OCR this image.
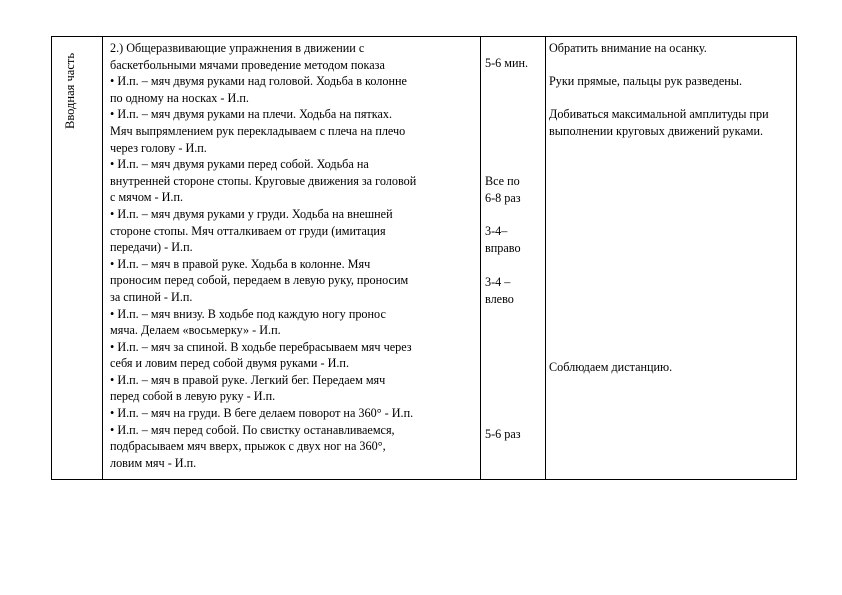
Вводная часть
2.) Общеразвивающие упражнения в движении с
баскетбольными мячами проведение методом показа
• И.п. – мяч двумя руками над головой. Ходьба в колонне
по одному на носках - И.п.
• И.п. – мяч двумя руками на плечи. Ходьба на пятках.
Мяч выпрямлением рук перекладываем с плеча на плечо
через голову - И.п.
• И.п. – мяч двумя руками перед собой. Ходьба на
внутренней стороне стопы. Круговые движения за головой
с мячом - И.п.
• И.п. – мяч двумя руками у груди. Ходьба на внешней
стороне стопы. Мяч отталкиваем от груди (имитация
передачи) - И.п.
• И.п. – мяч в правой руке. Ходьба в колонне. Мяч
проносим перед собой, передаем в левую руку, проносим
за спиной - И.п.
• И.п. – мяч внизу. В ходьбе под каждую ногу пронос
мяча. Делаем «восьмерку» - И.п.
• И.п. – мяч за спиной. В ходьбе перебрасываем мяч через
себя и ловим перед собой двумя руками - И.п.
• И.п. – мяч в правой руке. Легкий бег. Передаем мяч
перед собой в левую руку - И.п.
• И.п. – мяч на груди. В беге делаем поворот на 360° - И.п.
• И.п. – мяч перед собой. По свистку останавливаемся,
подбрасываем мяч вверх, прыжок с двух ног на 360°,
ловим мяч - И.п.
5-6 мин.
Все по
6-8 раз
3-4–
вправо
3-4 –
влево
5-6 раз
Обратить внимание на осанку.
Руки прямые, пальцы рук разведены.
Добиваться максимальной амплитуды при
выполнении круговых движений руками.
Соблюдаем дистанцию.
